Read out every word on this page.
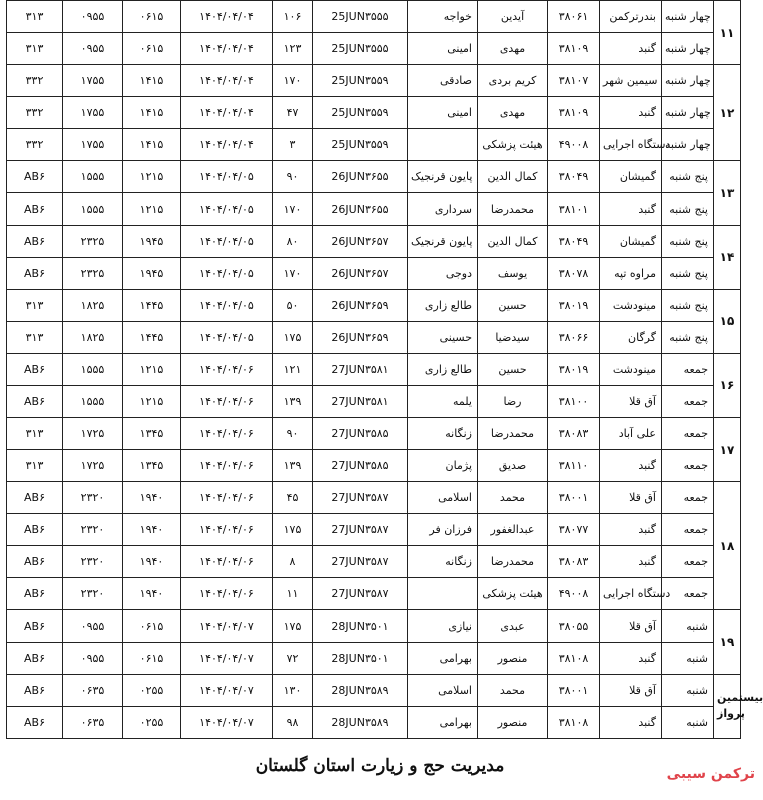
۳۱۳	۰۹۵۵	۰۶۱۵	۱۴۰۴/۰۴/۰۴	۱۰۶	25JUN۳۵۵۵	خواجه	آیدین	۳۸۰۶۱	بندرترکمن	چهار شنبه	۱۱
۳۱۳	۰۹۵۵	۰۶۱۵	۱۴۰۴/۰۴/۰۴	۱۲۳	25JUN۳۵۵۵	امینی	مهدی	۳۸۱۰۹	گنبد	چهار شنبه	
۳۳۲	۱۷۵۵	۱۴۱۵	۱۴۰۴/۰۴/۰۴	۱۷۰	25JUN۳۵۵۹	صادقی	کریم بردی	۳۸۱۰۷	سیمین شهر	چهار شنبه	۱۲
۳۳۲	۱۷۵۵	۱۴۱۵	۱۴۰۴/۰۴/۰۴	۴۷	25JUN۳۵۵۹	امینی	مهدی	۳۸۱۰۹	گنبد	چهار شنبه	
۳۳۲	۱۷۵۵	۱۴۱۵	۱۴۰۴/۰۴/۰۴	۳	25JUN۳۵۵۹		هیئت پزشکی	۴۹۰۰۸	دستگاه اجرایی	چهار شنبه	
AB۶	۱۵۵۵	۱۲۱۵	۱۴۰۴/۰۴/۰۵	۹۰	26JUN۳۶۵۵	پایون قرنجیک	کمال الدین	۳۸۰۴۹	گمیشان	پنج شنبه	۱۳
AB۶	۱۵۵۵	۱۲۱۵	۱۴۰۴/۰۴/۰۵	۱۷۰	26JUN۳۶۵۵	سرداری	محمدرضا	۳۸۱۰۱	گنبد	پنج شنبه	
AB۶	۲۳۲۵	۱۹۴۵	۱۴۰۴/۰۴/۰۵	۸۰	26JUN۳۶۵۷	پایون قرنجیک	کمال الدین	۳۸۰۴۹	گمیشان	پنج شنبه	۱۴
AB۶	۲۳۲۵	۱۹۴۵	۱۴۰۴/۰۴/۰۵	۱۷۰	26JUN۳۶۵۷	دوجی	یوسف	۳۸۰۷۸	مراوه تپه	پنج شنبه	
۳۱۳	۱۸۲۵	۱۴۴۵	۱۴۰۴/۰۴/۰۵	۵۰	26JUN۳۶۵۹	طالع زاری	حسین	۳۸۰۱۹	مینودشت	پنج شنبه	۱۵
۳۱۳	۱۸۲۵	۱۴۴۵	۱۴۰۴/۰۴/۰۵	۱۷۵	26JUN۳۶۵۹	حسینی	سیدضیا	۳۸۰۶۶	گرگان	پنج شنبه	
AB۶	۱۵۵۵	۱۲۱۵	۱۴۰۴/۰۴/۰۶	۱۲۱	27JUN۳۵۸۱	طالع زاری	حسین	۳۸۰۱۹	مینودشت	جمعه	۱۶
AB۶	۱۵۵۵	۱۲۱۵	۱۴۰۴/۰۴/۰۶	۱۳۹	27JUN۳۵۸۱	یلمه	رضا	۳۸۱۰۰	آق قلا	جمعه	
۳۱۳	۱۷۲۵	۱۳۴۵	۱۴۰۴/۰۴/۰۶	۹۰	27JUN۳۵۸۵	زنگانه	محمدرضا	۳۸۰۸۳	علی آباد	جمعه	۱۷
۳۱۳	۱۷۲۵	۱۳۴۵	۱۴۰۴/۰۴/۰۶	۱۳۹	27JUN۳۵۸۵	پژمان	صدیق	۳۸۱۱۰	گنبد	جمعه	
AB۶	۲۳۲۰	۱۹۴۰	۱۴۰۴/۰۴/۰۶	۴۵	27JUN۳۵۸۷	اسلامی	محمد	۳۸۰۰۱	آق قلا	جمعه	۱۸
AB۶	۲۳۲۰	۱۹۴۰	۱۴۰۴/۰۴/۰۶	۱۷۵	27JUN۳۵۸۷	فرزان فر	عبدالغفور	۳۸۰۷۷	گنبد	جمعه	
AB۶	۲۳۲۰	۱۹۴۰	۱۴۰۴/۰۴/۰۶	۸	27JUN۳۵۸۷	زنگانه	محمدرضا	۳۸۰۸۳	گنبد	جمعه	
AB۶	۲۳۲۰	۱۹۴۰	۱۴۰۴/۰۴/۰۶	۱۱	27JUN۳۵۸۷		هیئت پزشکی	۴۹۰۰۸	دستگاه اجرایی	جمعه	
AB۶	۰۹۵۵	۰۶۱۵	۱۴۰۴/۰۴/۰۷	۱۷۵	28JUN۳۵۰۱	نیازی	عبدی	۳۸۰۵۵	آق قلا	شنبه	۱۹
AB۶	۰۹۵۵	۰۶۱۵	۱۴۰۴/۰۴/۰۷	۷۲	28JUN۳۵۰۱	بهرامی	منصور	۳۸۱۰۸	گنبد	شنبه	
AB۶	۰۶۳۵	۰۲۵۵	۱۴۰۴/۰۴/۰۷	۱۳۰	28JUN۳۵۸۹	اسلامی	محمد	۳۸۰۰۱	آق قلا	شنبه	بیستمین پرواز
AB۶	۰۶۳۵	۰۲۵۵	۱۴۰۴/۰۴/۰۷	۹۸	28JUN۳۵۸۹	بهرامی	منصور	۳۸۱۰۸	گنبد	شنبه	
مدیریت حج و زیارت استان گلستان	ترکمن سیبی
